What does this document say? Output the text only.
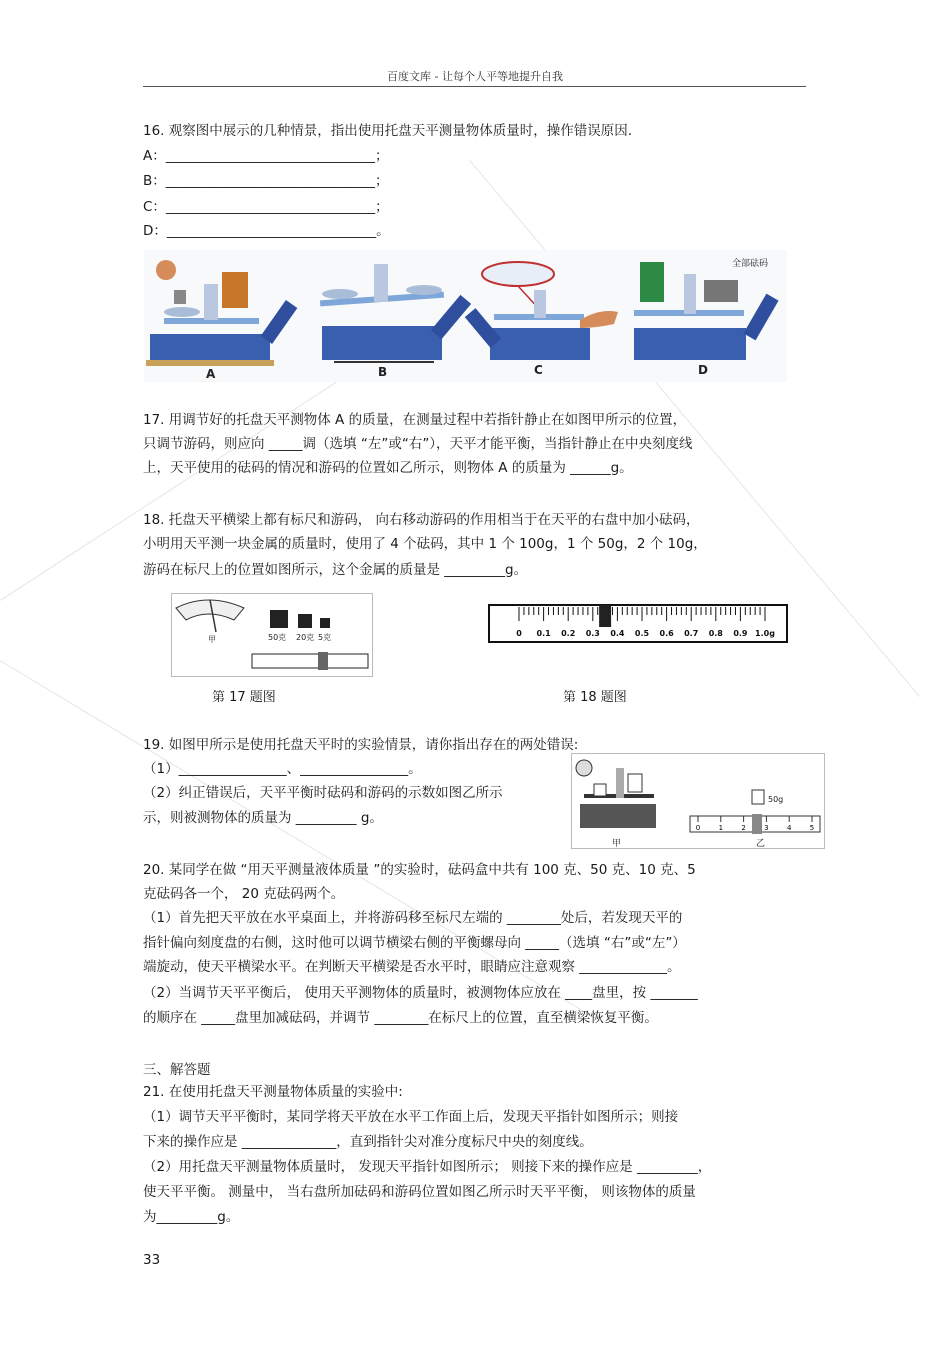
百度文库 - 让每个人平等地提升自我
16. 观察图中展示的几种情景，指出使用托盘天平测量物体质量时，操作错误原因.
A：_______________________________；
B：_______________________________；
C：_______________________________；
D：_______________________________。
全部砝码
A	B	C	D
17. 用调节好的托盘天平测物体 A 的质量，在测量过程中若指针静止在如图甲所示的位置，
只调节游码，则应向 _____调（选填 “左”或“右”），天平才能平衡，当指针静止在中央刻度线
上，天平使用的砝码的情况和游码的位置如乙所示，则物体 A 的质量为 ______g。
18. 托盘天平横梁上都有标尺和游码， 向右移动游码的作用相当于在天平的右盘中加小砝码，
小明用天平测一块金属的质量时，使用了 4 个砝码，其中 1 个 100g，1 个 50g，2 个 10g，
游码在标尺上的位置如图所示，这个金属的质量是 _________g。
甲	50克 20克 5克
第 17 题图
0 0.1 0.2 0.3 0.4 0.5 0.6 0.7 0.8 0.9 1.0g
第 18 题图
19. 如图甲所示是使用托盘天平时的实验情景，请你指出存在的两处错误:
（1）________________、________________。
（2）纠正错误后，天平平衡时砝码和游码的示数如图乙所示
示，则被测物体的质量为 _________ g。
甲
50g
0	1	2	3	4	5
乙
20. 某同学在做 “用天平测量液体质量 ”的实验时，砝码盒中共有 100 克、50 克、10 克、5
克砝码各一个， 20 克砝码两个。
（1）首先把天平放在水平桌面上，并将游码移至标尺左端的 ________处后，若发现天平的
指针偏向刻度盘的右侧，这时他可以调节横梁右侧的平衡螺母向 _____（选填 “右”或“左”）
端旋动，使天平横梁水平。在判断天平横梁是否水平时，眼睛应注意观察 _____________。
（2）当调节天平平衡后， 使用天平测物体的质量时，被测物体应放在 ____盘里，按 _______
的顺序在 _____盘里加减砝码，并调节 ________在标尺上的位置，直至横梁恢复平衡。
三、解答题
21. 在使用托盘天平测量物体质量的实验中:
（1）调节天平平衡时，某同学将天平放在水平工作面上后，发现天平指针如图所示；则接
下来的操作应是 ______________，直到指针尖对准分度标尺中央的刻度线。
（2）用托盘天平测量物体质量时， 发现天平指针如图所示； 则接下来的操作应是 _________，
使天平平衡。 测量中， 当右盘所加砝码和游码位置如图乙所示时天平平衡， 则该物体的质量
为_________g。
33
